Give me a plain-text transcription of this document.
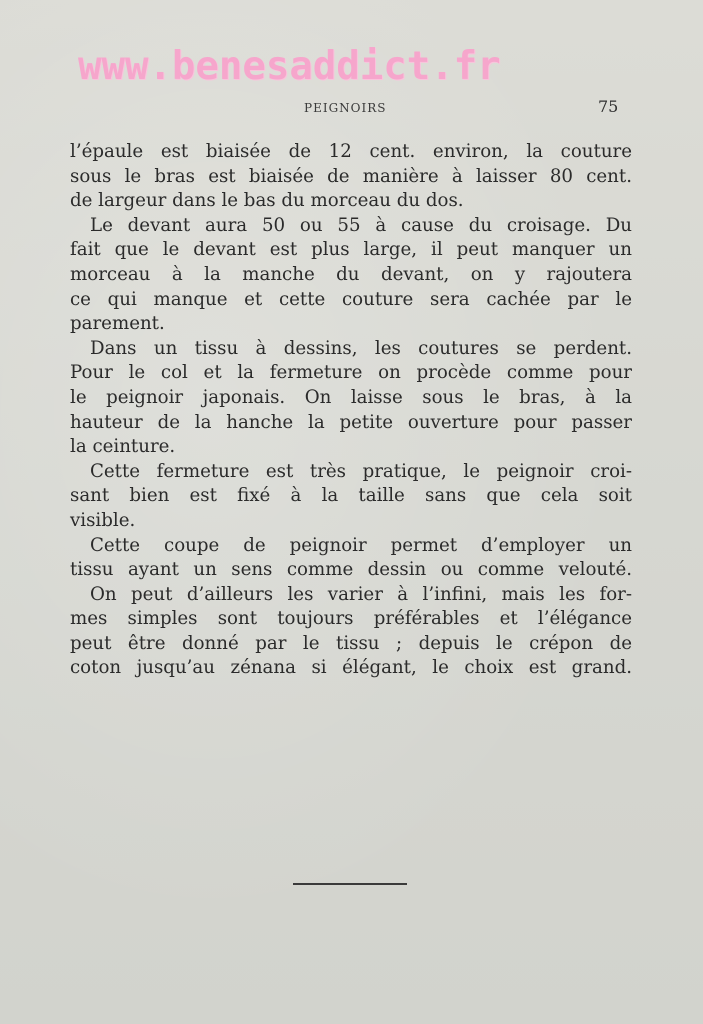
www.benesaddict.fr
PEIGNOIRS	75
l’épaule est biaisée de 12 cent. environ, la couture
sous le bras est biaisée de manière à laisser 80 cent.
de largeur dans le bas du morceau du dos.
Le devant aura 50 ou 55 à cause du croisage. Du
fait que le devant est plus large, il peut manquer un
morceau à la manche du devant, on y rajoutera
ce qui manque et cette couture sera cachée par le
parement.
Dans un tissu à dessins, les coutures se perdent.
Pour le col et la fermeture on procède comme pour
le peignoir japonais. On laisse sous le bras, à la
hauteur de la hanche la petite ouverture pour passer
la ceinture.
Cette fermeture est très pratique, le peignoir croi-
sant bien est fixé à la taille sans que cela soit
visible.
Cette coupe de peignoir permet d’employer un
tissu ayant un sens comme dessin ou comme velouté.
On peut d’ailleurs les varier à l’infini, mais les for-
mes simples sont toujours préférables et l’élégance
peut être donné par le tissu ; depuis le crépon de
coton jusqu’au zénana si élégant, le choix est grand.
